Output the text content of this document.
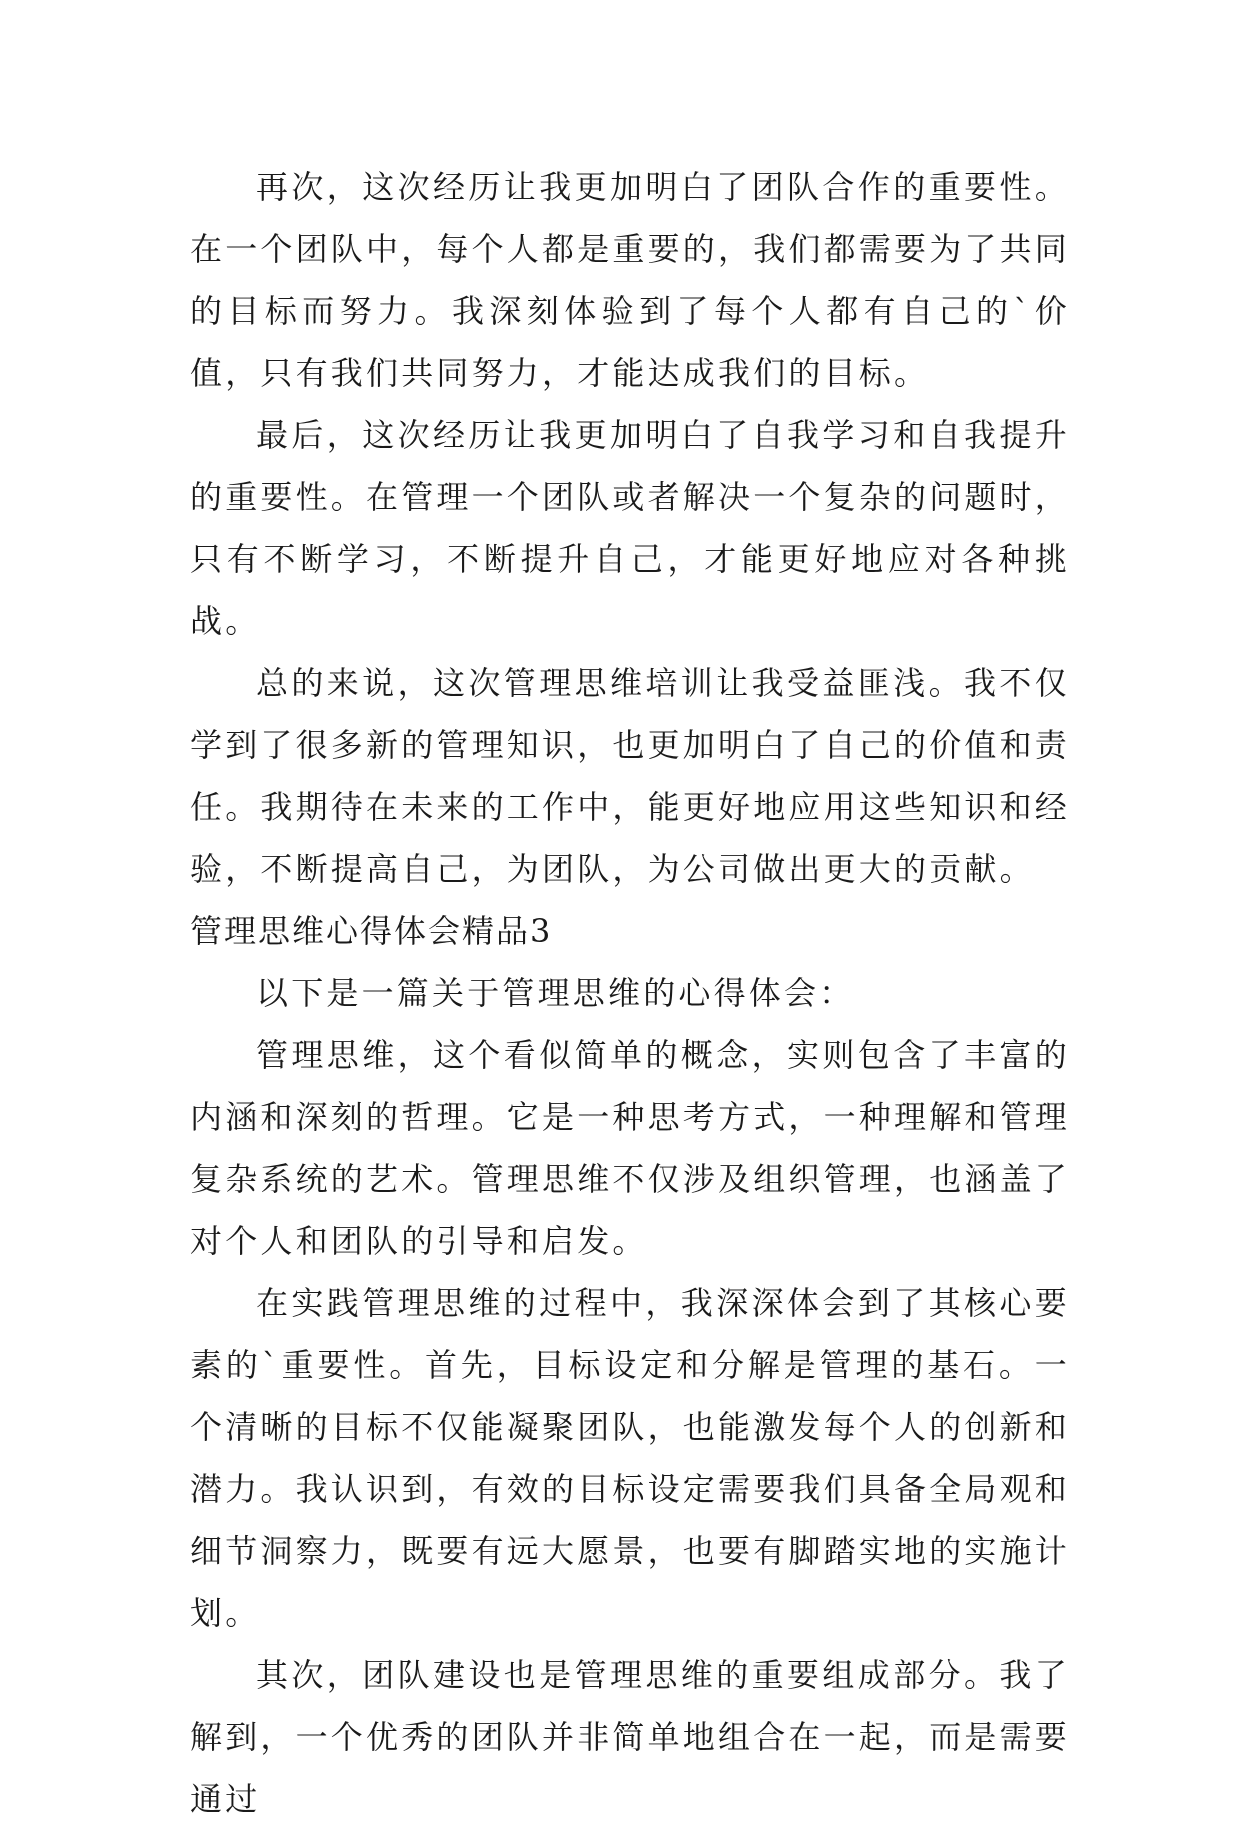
再次，这次经历让我更加明白了团队合作的重要性。在一个团队中，每个人都是重要的，我们都需要为了共同的目标而努力。我深刻体验到了每个人都有自己的`价值，只有我们共同努力，才能达成我们的目标。

最后，这次经历让我更加明白了自我学习和自我提升的重要性。在管理一个团队或者解决一个复杂的问题时，只有不断学习，不断提升自己，才能更好地应对各种挑战。

总的来说，这次管理思维培训让我受益匪浅。我不仅学到了很多新的管理知识，也更加明白了自己的价值和责任。我期待在未来的工作中，能更好地应用这些知识和经验，不断提高自己，为团队，为公司做出更大的贡献。

管理思维心得体会精品3

以下是一篇关于管理思维的心得体会：

管理思维，这个看似简单的概念，实则包含了丰富的内涵和深刻的哲理。它是一种思考方式，一种理解和管理复杂系统的艺术。管理思维不仅涉及组织管理，也涵盖了对个人和团队的引导和启发。

在实践管理思维的过程中，我深深体会到了其核心要素的`重要性。首先，目标设定和分解是管理的基石。一个清晰的目标不仅能凝聚团队，也能激发每个人的创新和潜力。我认识到，有效的目标设定需要我们具备全局观和细节洞察力，既要有远大愿景，也要有脚踏实地的实施计划。

其次，团队建设也是管理思维的重要组成部分。我了解到，一个优秀的团队并非简单地组合在一起，而是需要通过
